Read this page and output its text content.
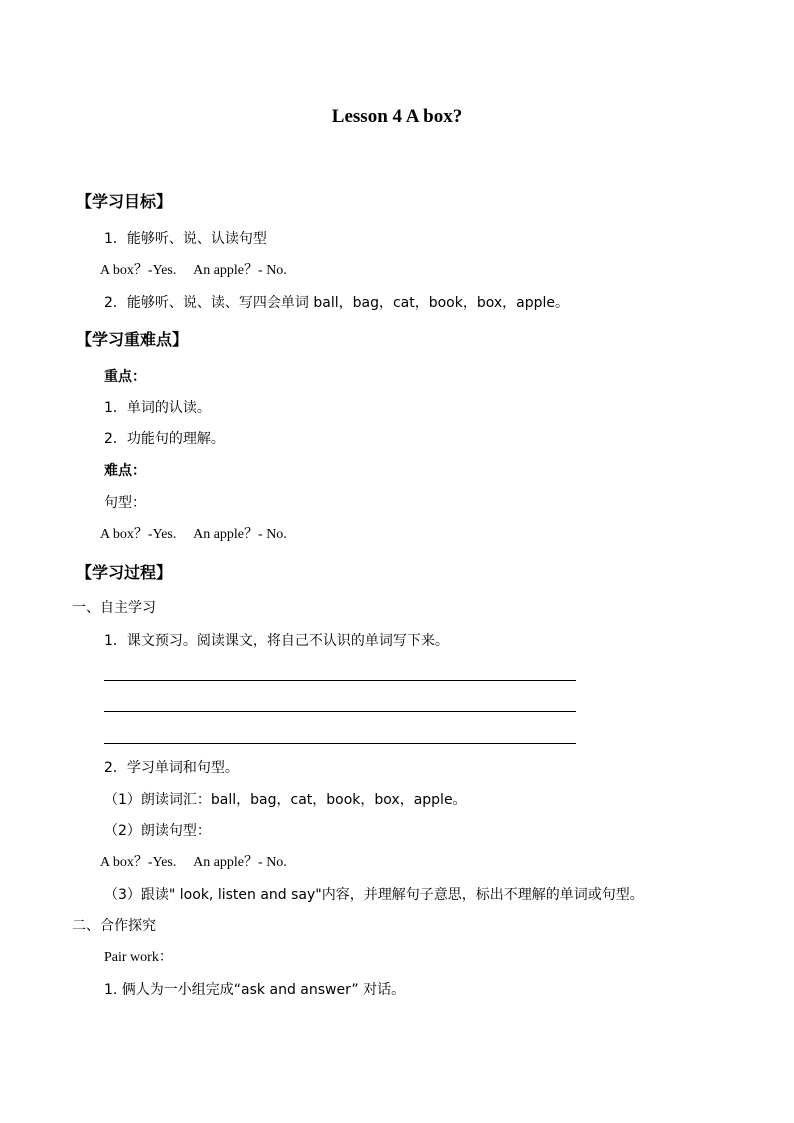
Lesson 4 A box?
【学习目标】
1．能够听、说、认读句型
A box？-Yes.　 An apple？- No.
2．能够听、说、读、写四会单词 ball，bag，cat，book，box，apple。
【学习重难点】
重点：
1．单词的认读。
2．功能句的理解。
难点：
句型：
A box？-Yes.　 An apple？- No.
【学习过程】
一、自主学习
1．课文预习。阅读课文，将自己不认识的单词写下来。
2．学习单词和句型。
（1）朗读词汇：ball，bag，cat，book，box，apple。
（2）朗读句型：
A box？-Yes.　 An apple？- No.
（3）跟读" look, listen and say"内容，并理解句子意思，标出不理解的单词或句型。
二、合作探究
Pair work：
1. 俩人为一小组完成“ask and answer” 对话。
